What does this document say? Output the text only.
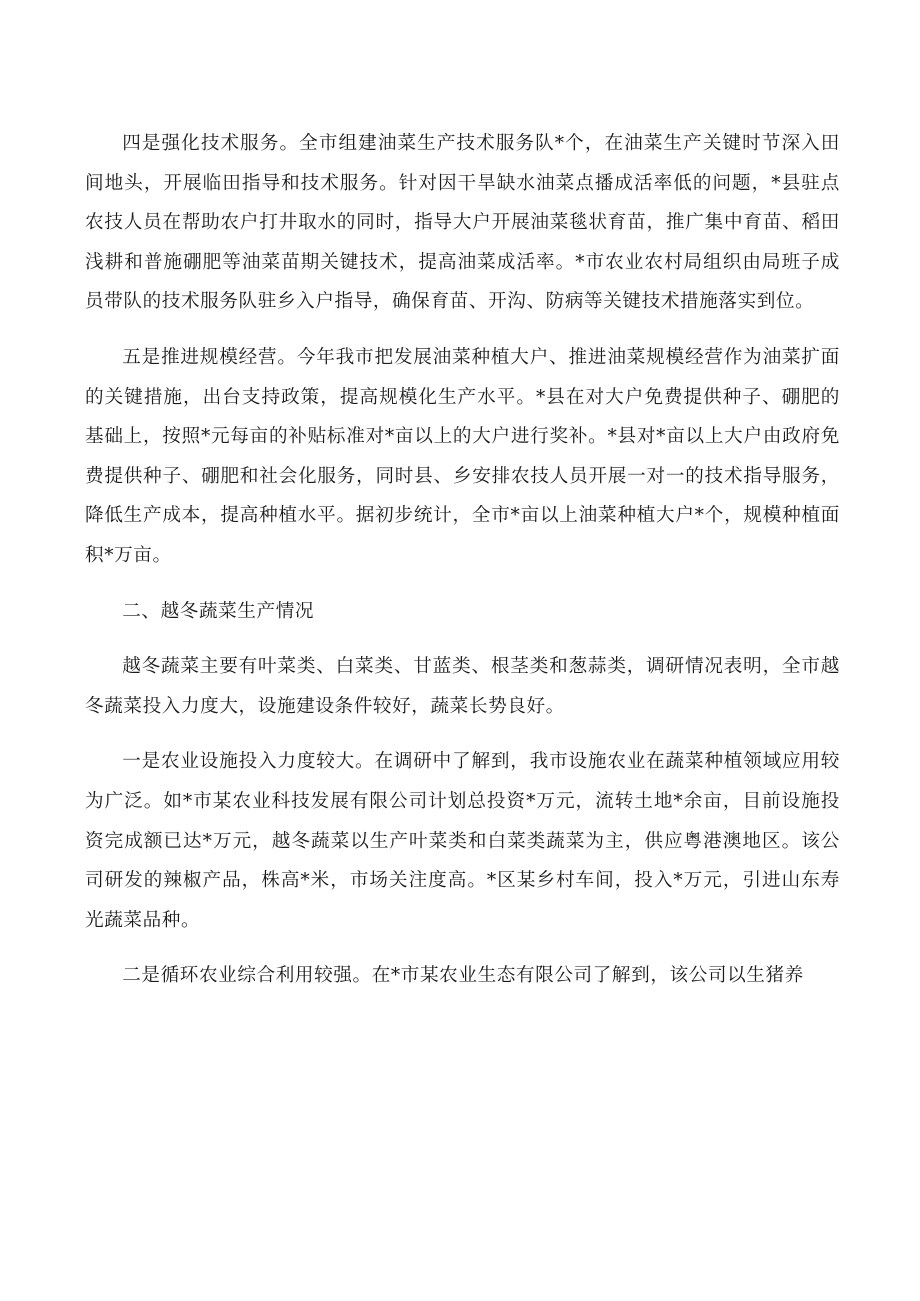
四是强化技术服务。全市组建油菜生产技术服务队*个，在油菜生产关键时节深入田间地头，开展临田指导和技术服务。针对因干旱缺水油菜点播成活率低的问题，*县驻点农技人员在帮助农户打井取水的同时，指导大户开展油菜毯状育苗，推广集中育苗、稻田浅耕和普施硼肥等油菜苗期关键技术，提高油菜成活率。*市农业农村局组织由局班子成员带队的技术服务队驻乡入户指导，确保育苗、开沟、防病等关键技术措施落实到位。

五是推进规模经营。今年我市把发展油菜种植大户、推进油菜规模经营作为油菜扩面的关键措施，出台支持政策，提高规模化生产水平。*县在对大户免费提供种子、硼肥的基础上，按照*元每亩的补贴标准对*亩以上的大户进行奖补。*县对*亩以上大户由政府免费提供种子、硼肥和社会化服务，同时县、乡安排农技人员开展一对一的技术指导服务，降低生产成本，提高种植水平。据初步统计，全市*亩以上油菜种植大户*个，规模种植面积*万亩。

二、越冬蔬菜生产情况

越冬蔬菜主要有叶菜类、白菜类、甘蓝类、根茎类和葱蒜类，调研情况表明，全市越冬蔬菜投入力度大，设施建设条件较好，蔬菜长势良好。

一是农业设施投入力度较大。在调研中了解到，我市设施农业在蔬菜种植领域应用较为广泛。如*市某农业科技发展有限公司计划总投资*万元，流转土地*余亩，目前设施投资完成额已达*万元，越冬蔬菜以生产叶菜类和白菜类蔬菜为主，供应粤港澳地区。该公司研发的辣椒产品，株高*米，市场关注度高。*区某乡村车间，投入*万元，引进山东寿光蔬菜品种。

二是循环农业综合利用较强。在*市某农业生态有限公司了解到，该公司以生猪养
